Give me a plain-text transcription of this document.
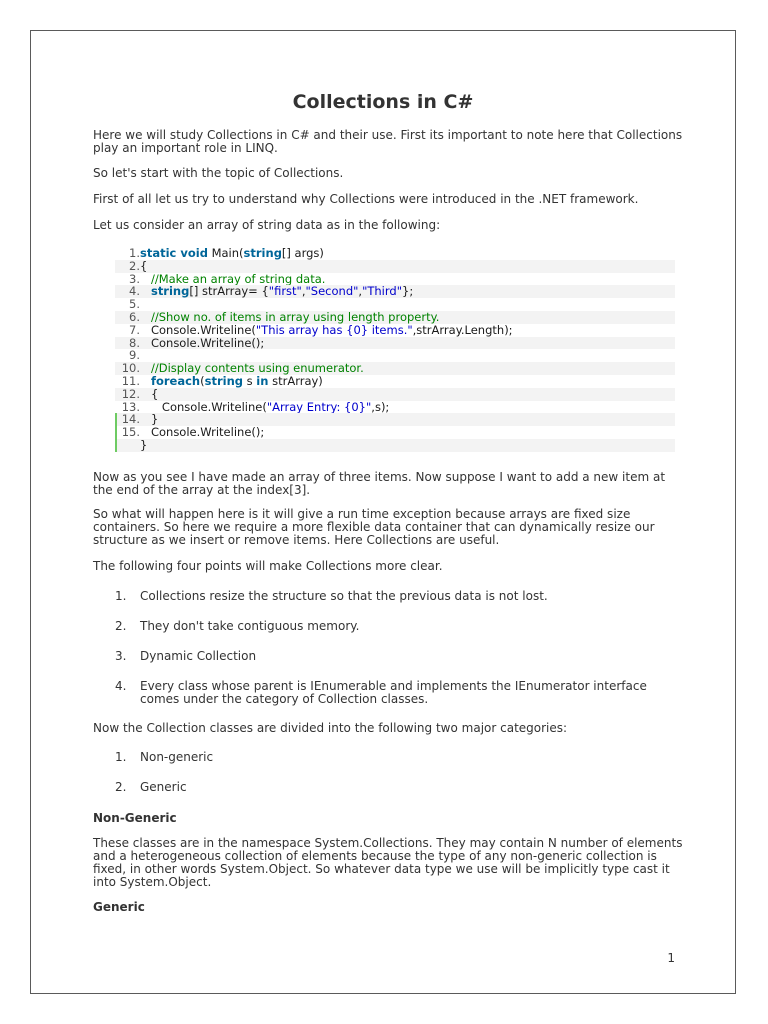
Collections in C#

Here we will study Collections in C# and their use. First its important to note here that Collections play an important role in LINQ.

So let's start with the topic of Collections.

First of all let us try to understand why Collections were introduced in the .NET framework.

Let us consider an array of string data as in the following:

1. static void Main(string[] args)
2. {
3. //Make an array of string data.
4. string[] strArray= {"first","Second","Third"};
5.
6. //Show no. of items in array using length property.
7. Console.Writeline("This array has {0} items.",strArray.Length);
8. Console.Writeline();
9.
10. //Display contents using enumerator.
11. foreach(string s in strArray)
12. {
13. Console.Writeline("Array Entry: {0}",s);
14. }
15. Console.Writeline();
}

Now as you see I have made an array of three items. Now suppose I want to add a new item at the end of the array at the index[3].

So what will happen here is it will give a run time exception because arrays are fixed size containers. So here we require a more flexible data container that can dynamically resize our structure as we insert or remove items. Here Collections are useful.

The following four points will make Collections more clear.

1. Collections resize the structure so that the previous data is not lost.
2. They don't take contiguous memory.
3. Dynamic Collection
4. Every class whose parent is IEnumerable and implements the IEnumerator interface comes under the category of Collection classes.

Now the Collection classes are divided into the following two major categories:

1. Non-generic
2. Generic

Non-Generic

These classes are in the namespace System.Collections. They may contain N number of elements and a heterogeneous collection of elements because the type of any non-generic collection is fixed, in other words System.Object. So whatever data type we use will be implicitly type cast it into System.Object.

Generic

1
